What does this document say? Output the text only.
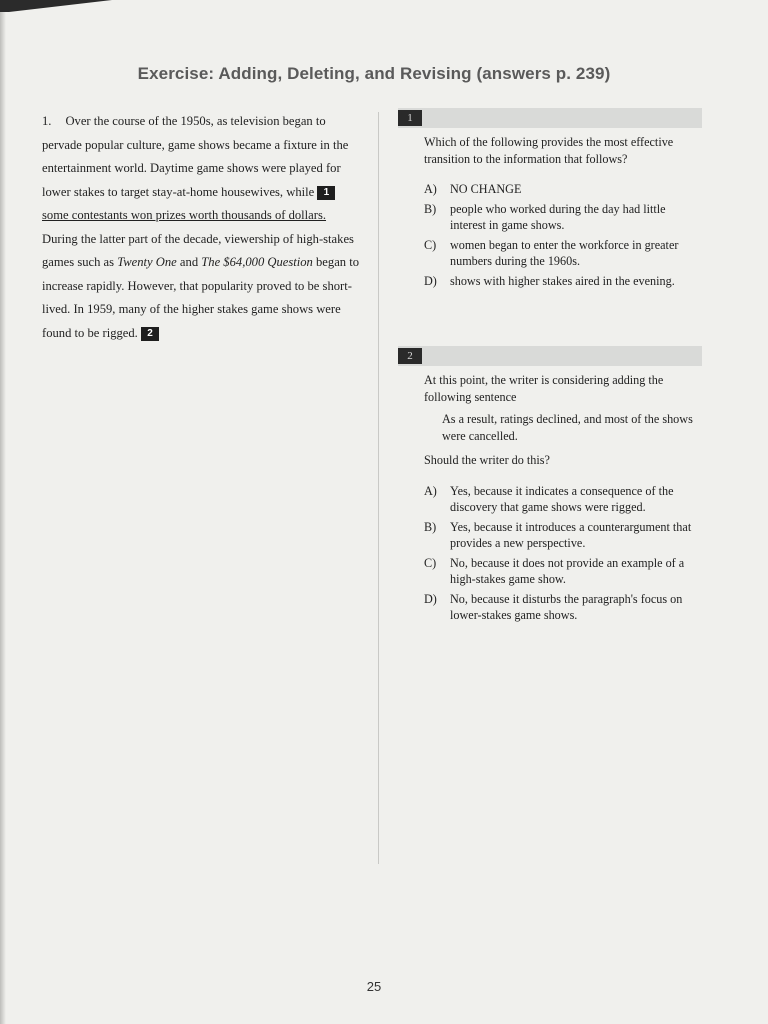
Exercise: Adding, Deleting, and Revising (answers p. 239)

1. Over the course of the 1950s, as television began to pervade popular culture, game shows became a fixture in the entertainment world. Daytime game shows were played for lower stakes to target stay-at-home housewives, while 1 some contestants won prizes worth thousands of dollars. During the latter part of the decade, viewership of high-stakes games such as Twenty One and The $64,000 Question began to increase rapidly. However, that popularity proved to be short-lived. In 1959, many of the higher stakes game shows were found to be rigged. 2

1

Which of the following provides the most effective transition to the information that follows?

A) NO CHANGE
B) people who worked during the day had little interest in game shows.
C) women began to enter the workforce in greater numbers during the 1960s.
D) shows with higher stakes aired in the evening.
2

At this point, the writer is considering adding the following sentence

As a result, ratings declined, and most of the shows were cancelled.

Should the writer do this?

A) Yes, because it indicates a consequence of the discovery that game shows were rigged.
B) Yes, because it introduces a counterargument that provides a new perspective.
C) No, because it does not provide an example of a high-stakes game show.
D) No, because it disturbs the paragraph's focus on lower-stakes game shows.
25
